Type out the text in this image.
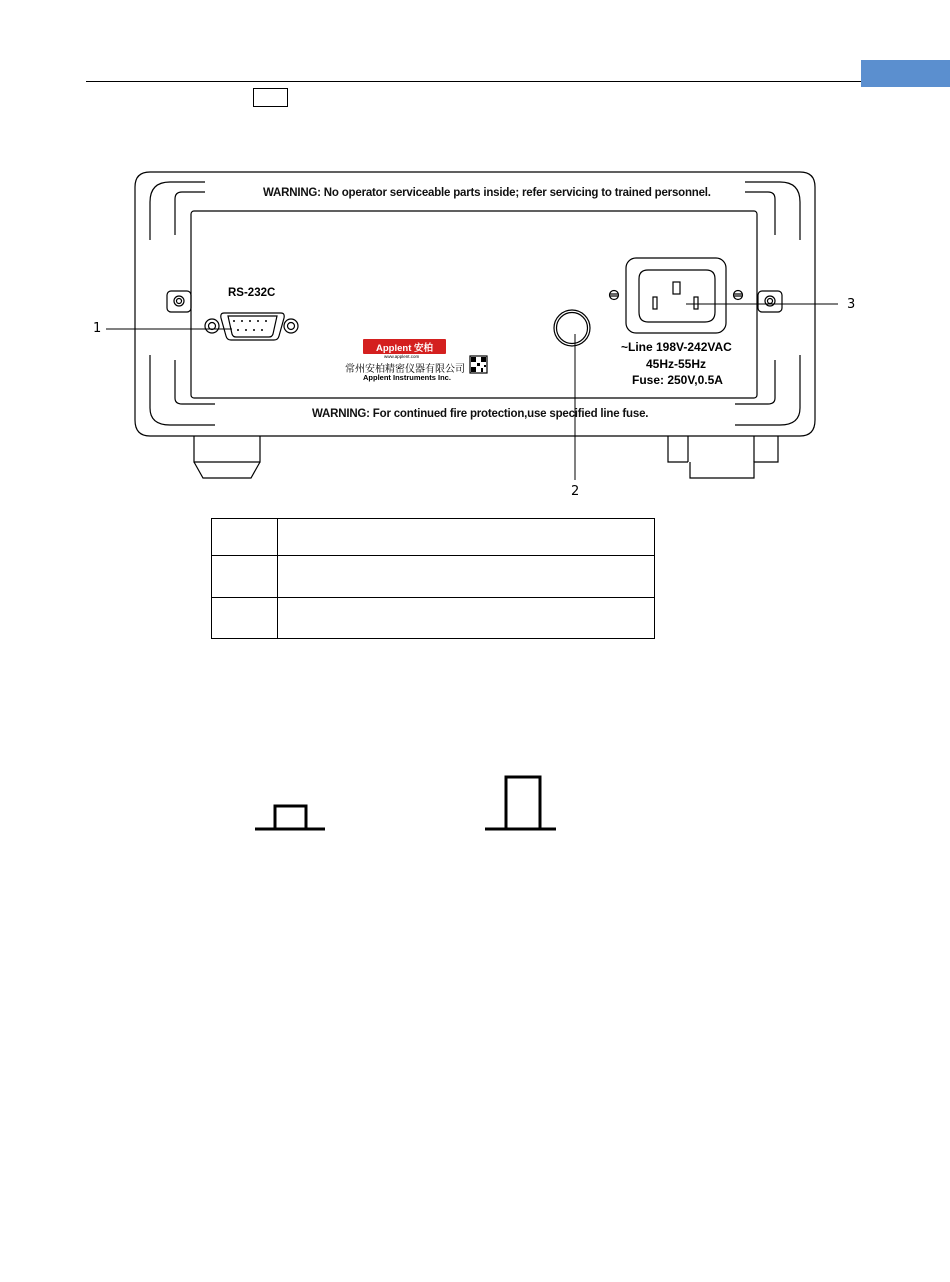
WARNING: No operator serviceable parts inside; refer servicing to trained personnel.
WARNING: For continued fire protection,use specified line fuse.
RS-232C
Applent 安柏
www.applent.com
常州安柏精密仪器有限公司
Applent Instruments Inc.
~Line 198V-242VAC
45Hz-55Hz
Fuse: 250V,0.5A
1
2
3
